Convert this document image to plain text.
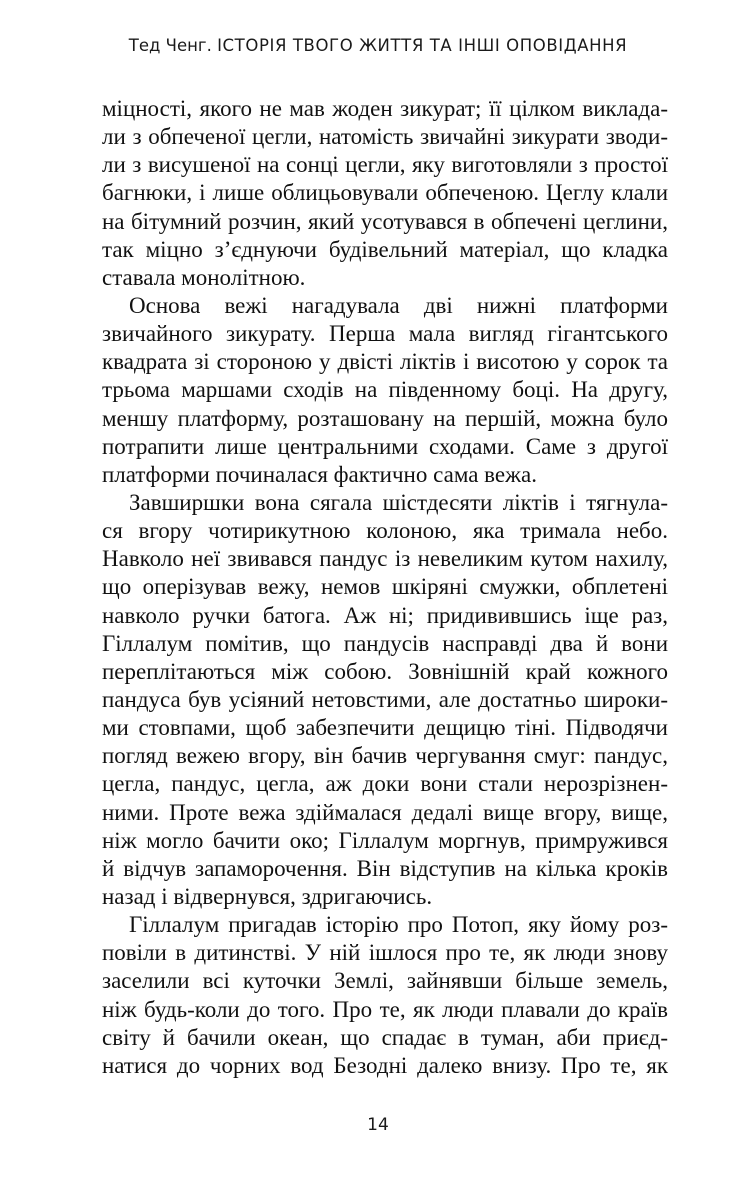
Тед Ченг. ІСТОРІЯ ТВОГО ЖИТТЯ ТА ІНШІ ОПОВІДАННЯ
міцності, якого не мав жоден зикурат; її цілком виклада-
ли з обпеченої цегли, натомість звичайні зикурати зводи-
ли з висушеної на сонці цегли, яку виготовляли з простої
багнюки, і лише облицьовували обпеченою. Цеглу клали
на бітумний розчин, який усотувався в обпечені цеглини,
так міцно з’єднуючи будівельний матеріал, що кладка
ставала монолітною.
Основа вежі нагадувала дві нижні платформи
звичайного зикурату. Перша мала вигляд гігантського
квадрата зі стороною у двісті ліктів і висотою у сорок та
трьома маршами сходів на південному боці. На другу,
меншу платформу, розташовану на першій, можна було
потрапити лише центральними сходами. Саме з другої
платформи починалася фактично сама вежа.
Завширшки вона сягала шістдесяти ліктів і тягнула-
ся вгору чотирикутною колоною, яка тримала небо.
Навколо неї звивався пандус із невеликим кутом нахилу,
що оперізував вежу, немов шкіряні смужки, обплетені
навколо ручки батога. Аж ні; придивившись іще раз,
Гіллалум помітив, що пандусів насправді два й вони
переплітаються між собою. Зовнішній край кожного
пандуса був усіяний нетовстими, але достатньо широки-
ми стовпами, щоб забезпечити дещицю тіні. Підводячи
погляд вежею вгору, він бачив чергування смуг: пандус,
цегла, пандус, цегла, аж доки вони стали нерозрізнен-
ними. Проте вежа здіймалася дедалі вище вгору, вище,
ніж могло бачити око; Гіллалум моргнув, примружився
й відчув запаморочення. Він відступив на кілька кроків
назад і відвернувся, здригаючись.
Гіллалум пригадав історію про Потоп, яку йому роз-
повіли в дитинстві. У ній ішлося про те, як люди знову
заселили всі куточки Землі, зайнявши більше земель,
ніж будь-коли до того. Про те, як люди плавали до країв
світу й бачили океан, що спадає в туман, аби приєд-
натися до чорних вод Безодні далеко внизу. Про те, як
14
